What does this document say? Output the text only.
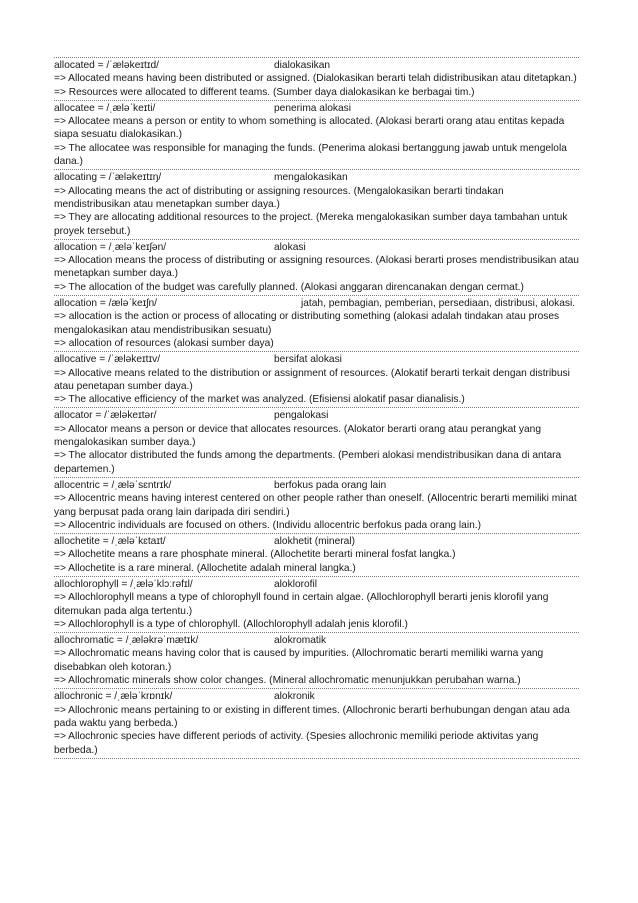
allocated = /ˈæləkeɪtɪd/	dialokasikan
=> Allocated means having been distributed or assigned. (Dialokasikan berarti telah didistribusikan atau ditetapkan.)
=> Resources were allocated to different teams. (Sumber daya dialokasikan ke berbagai tim.)
allocatee = /ˌæləˈkeɪti/	penerima alokasi
=> Allocatee means a person or entity to whom something is allocated. (Alokasi berarti orang atau entitas kepada siapa sesuatu dialokasikan.)
=> The allocatee was responsible for managing the funds. (Penerima alokasi bertanggung jawab untuk mengelola dana.)
allocating = /ˈæləkeɪtɪŋ/	mengalokasikan
=> Allocating means the act of distributing or assigning resources. (Mengalokasikan berarti tindakan mendistribusikan atau menetapkan sumber daya.)
=> They are allocating additional resources to the project. (Mereka mengalokasikan sumber daya tambahan untuk proyek tersebut.)
allocation = /ˌæləˈkeɪʃən/	alokasi
=> Allocation means the process of distributing or assigning resources. (Alokasi berarti proses mendistribusikan atau menetapkan sumber daya.)
=> The allocation of the budget was carefully planned. (Alokasi anggaran direncanakan dengan cermat.)
allocation = /æləˈkeɪʃn/	jatah, pembagian, pemberian, persediaan, distribusi, alokasi.
=> allocation is the action or process of allocating or distributing something (alokasi adalah tindakan atau proses mengalokasikan atau mendistribusikan sesuatu)
=> allocation of resources (alokasi sumber daya)
allocative = /ˈæləkeɪtɪv/	bersifat alokasi
=> Allocative means related to the distribution or assignment of resources. (Alokatif berarti terkait dengan distribusi atau penetapan sumber daya.)
=> The allocative efficiency of the market was analyzed. (Efisiensi alokatif pasar dianalisis.)
allocator = /ˈæləkeɪtər/	pengalokasi
=> Allocator means a person or device that allocates resources. (Alokator berarti orang atau perangkat yang mengalokasikan sumber daya.)
=> The allocator distributed the funds among the departments. (Pemberi alokasi mendistribusikan dana di antara departemen.)
allocentric = /ˌæləˈsɛntrɪk/	berfokus pada orang lain
=> Allocentric means having interest centered on other people rather than oneself. (Allocentric berarti memiliki minat yang berpusat pada orang lain daripada diri sendiri.)
=> Allocentric individuals are focused on others. (Individu allocentric berfokus pada orang lain.)
allochetite = /ˌæləˈkɛtaɪt/	alokhetit (mineral)
=> Allochetite means a rare phosphate mineral. (Allochetite berarti mineral fosfat langka.)
=> Allochetite is a rare mineral. (Allochetite adalah mineral langka.)
allochlorophyll = /ˌæləˈklɔːrəfɪl/	aloklorofil
=> Allochlorophyll means a type of chlorophyll found in certain algae. (Allochlorophyll berarti jenis klorofil yang ditemukan pada alga tertentu.)
=> Allochlorophyll is a type of chlorophyll. (Allochlorophyll adalah jenis klorofil.)
allochromatic = /ˌæləkrəˈmætɪk/	alokromatik
=> Allochromatic means having color that is caused by impurities. (Allochromatic berarti memiliki warna yang disebabkan oleh kotoran.)
=> Allochromatic minerals show color changes. (Mineral allochromatic menunjukkan perubahan warna.)
allochronic = /ˌæləˈkrɒnɪk/	alokronik
=> Allochronic means pertaining to or existing in different times. (Allochronic berarti berhubungan dengan atau ada pada waktu yang berbeda.)
=> Allochronic species have different periods of activity. (Spesies allochronic memiliki periode aktivitas yang berbeda.)
